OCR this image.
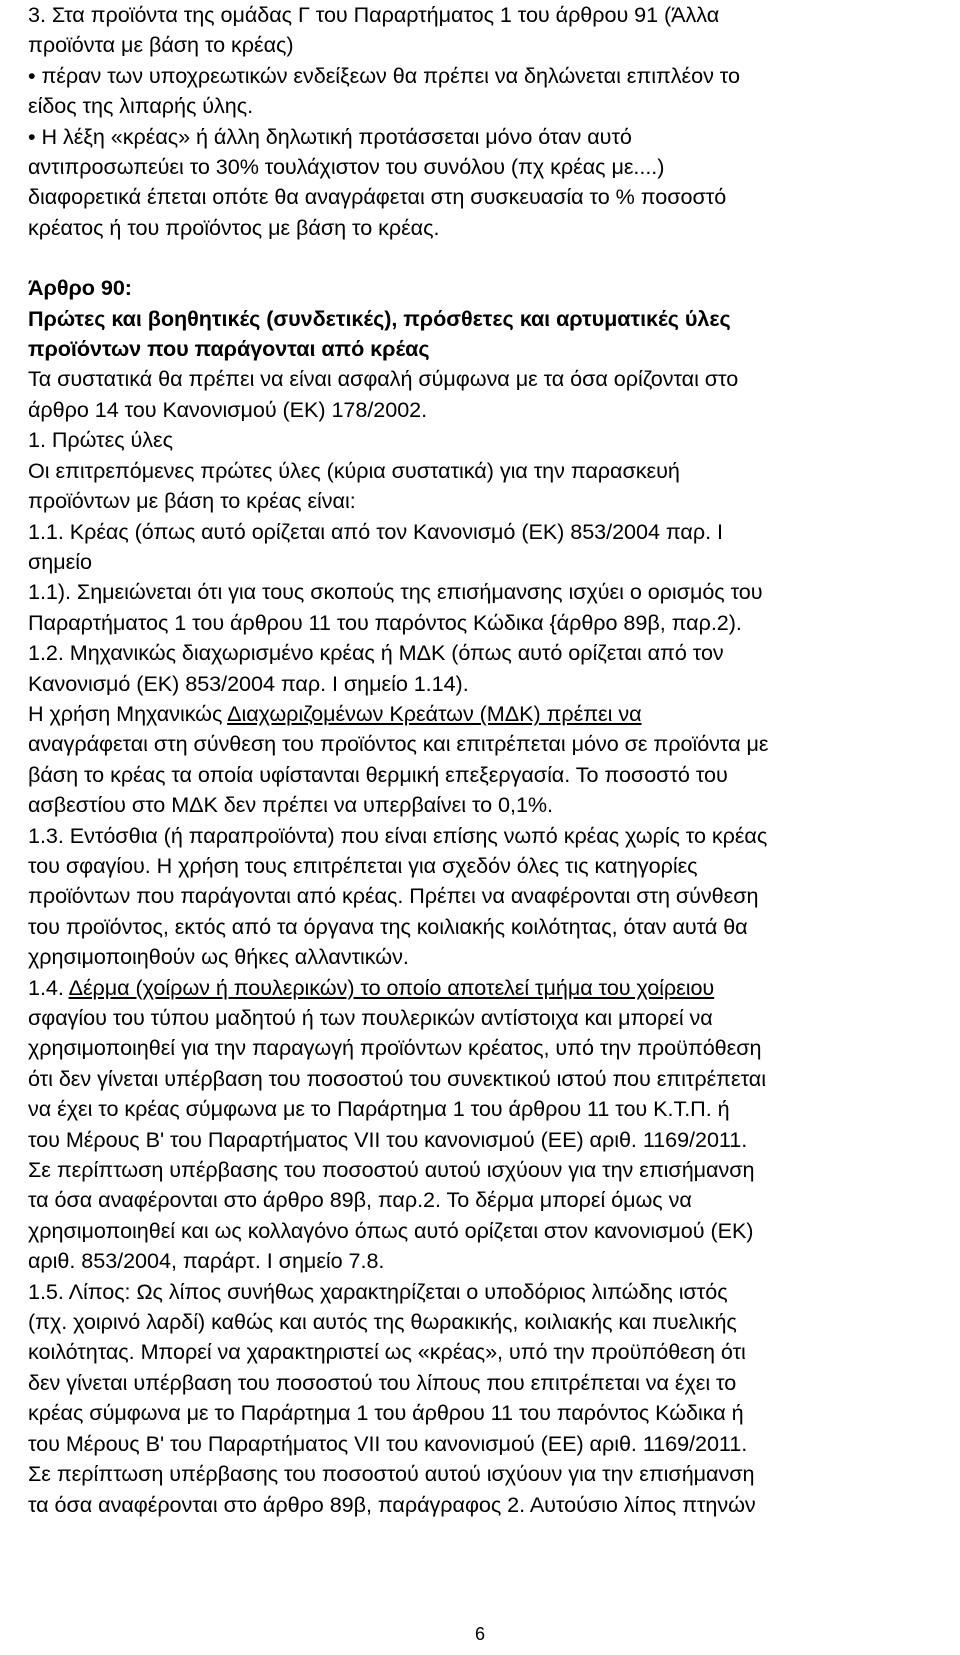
3. Στα προϊόντα της ομάδας Γ του Παραρτήματος 1 του άρθρου 91 (Άλλα

προϊόντα με βάση το κρέας)

• πέραν των υποχρεωτικών ενδείξεων θα πρέπει να δηλώνεται επιπλέον το

είδος της λιπαρής ύλης.

• Η λέξη «κρέας» ή άλλη δηλωτική προτάσσεται μόνο όταν αυτό

αντιπροσωπεύει το 30% τουλάχιστον του συνόλου (πχ κρέας με....)

διαφορετικά έπεται οπότε θα αναγράφεται στη συσκευασία το % ποσοστό

κρέατος ή του προϊόντος με βάση το κρέας.

Άρθρο 90:

Πρώτες και βοηθητικές (συνδετικές), πρόσθετες και αρτυματικές ύλες

προϊόντων που παράγονται από κρέας

Τα συστατικά θα πρέπει να είναι ασφαλή σύμφωνα με τα όσα ορίζονται στο

άρθρο 14 του Κανονισμού (ΕΚ) 178/2002.

1. Πρώτες ύλες

Οι επιτρεπόμενες πρώτες ύλες (κύρια συστατικά) για την παρασκευή

προϊόντων με βάση το κρέας είναι:

1.1. Κρέας (όπως αυτό ορίζεται από τον Κανονισμό (ΕΚ) 853/2004 παρ. Ι

σημείο

1.1). Σημειώνεται ότι για τους σκοπούς της επισήμανσης ισχύει ο ορισμός του

Παραρτήματος 1 του άρθρου 11 του παρόντος Κώδικα {άρθρο 89β, παρ.2).

1.2. Μηχανικώς διαχωρισμένο κρέας ή ΜΔΚ (όπως αυτό ορίζεται από τον

Κανονισμό (ΕΚ) 853/2004 παρ. Ι σημείο 1.14).

Η χρήση Μηχανικώς Διαχωριζομένων Κρεάτων (ΜΔΚ) πρέπει να

αναγράφεται στη σύνθεση του προϊόντος και επιτρέπεται μόνο σε προϊόντα με

βάση το κρέας τα οποία υφίστανται θερμική επεξεργασία. Το ποσοστό του

ασβεστίου στο ΜΔΚ δεν πρέπει να υπερβαίνει το 0,1%.

1.3. Εντόσθια (ή παραπροϊόντα) που είναι επίσης νωπό κρέας χωρίς το κρέας

του σφαγίου. Η χρήση τους επιτρέπεται για σχεδόν όλες τις κατηγορίες

προϊόντων που παράγονται από κρέας. Πρέπει να αναφέρονται στη σύνθεση

του προϊόντος, εκτός από τα όργανα της κοιλιακής κοιλότητας, όταν αυτά θα

χρησιμοποιηθούν ως θήκες αλλαντικών.

1.4. Δέρμα (χοίρων ή πουλερικών) το οποίο αποτελεί τμήμα του χοίρειου

σφαγίου του τύπου μαδητού ή των πουλερικών αντίστοιχα και μπορεί να

χρησιμοποιηθεί για την παραγωγή προϊόντων κρέατος, υπό την προϋπόθεση

ότι δεν γίνεται υπέρβαση του ποσοστού του συνεκτικού ιστού που επιτρέπεται

να έχει το κρέας σύμφωνα με το Παράρτημα 1 του άρθρου 11 του Κ.Τ.Π. ή

του Μέρους Β' του Παραρτήματος VII του κανονισμού (ΕΕ) αριθ. 1169/2011.

Σε περίπτωση υπέρβασης του ποσοστού αυτού ισχύουν για την επισήμανση

τα όσα αναφέρονται στο άρθρο 89β, παρ.2. Το δέρμα μπορεί όμως να

χρησιμοποιηθεί και ως κολλαγόνο όπως αυτό ορίζεται στον κανονισμού (ΕΚ)

αριθ. 853/2004, παράρτ. Ι σημείο 7.8.

1.5. Λίπος: Ως λίπος συνήθως χαρακτηρίζεται ο υποδόριος λιπώδης ιστός

(πχ. χοιρινό λαρδί) καθώς και αυτός της θωρακικής, κοιλιακής και πυελικής

κοιλότητας. Μπορεί να χαρακτηριστεί ως «κρέας», υπό την προϋπόθεση ότι

δεν γίνεται υπέρβαση του ποσοστού του λίπους που επιτρέπεται να έχει το

κρέας σύμφωνα με το Παράρτημα 1 του άρθρου 11 του παρόντος Κώδικα ή

του Μέρους Β' του Παραρτήματος VII του κανονισμού (ΕΕ) αριθ. 1169/2011.

Σε περίπτωση υπέρβασης του ποσοστού αυτού ισχύουν για την επισήμανση

τα όσα αναφέρονται στο άρθρο 89β, παράγραφος 2. Αυτούσιο λίπος πτηνών

6
